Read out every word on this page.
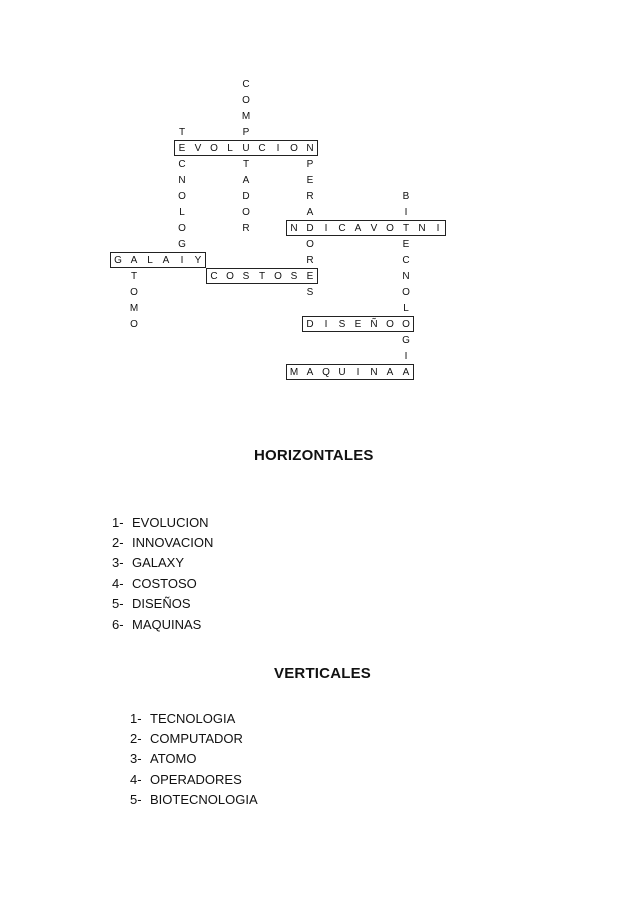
C
O
M
P
U
T
A
D
O
R
T
E
C
N
O
L
O
G
I
V O L	C	I	O N
P
E
R
A
D
O
R
E
S
B
I
T
E
C
N
O
L
O
G
I
A
N	I	C A V O	N	I
G A L A	Y
T
O
M
O
C O S T O S
D	I	S E Ñ O
M A Q U	I	N A
HORIZONTALES
1- EVOLUCION
2- INNOVACION
3- GALAXY
4- COSTOSO
5- DISEÑOS
6- MAQUINAS
VERTICALES
1- TECNOLOGIA
2- COMPUTADOR
3- ATOMO
4- OPERADORES
5- BIOTECNOLOGIA
